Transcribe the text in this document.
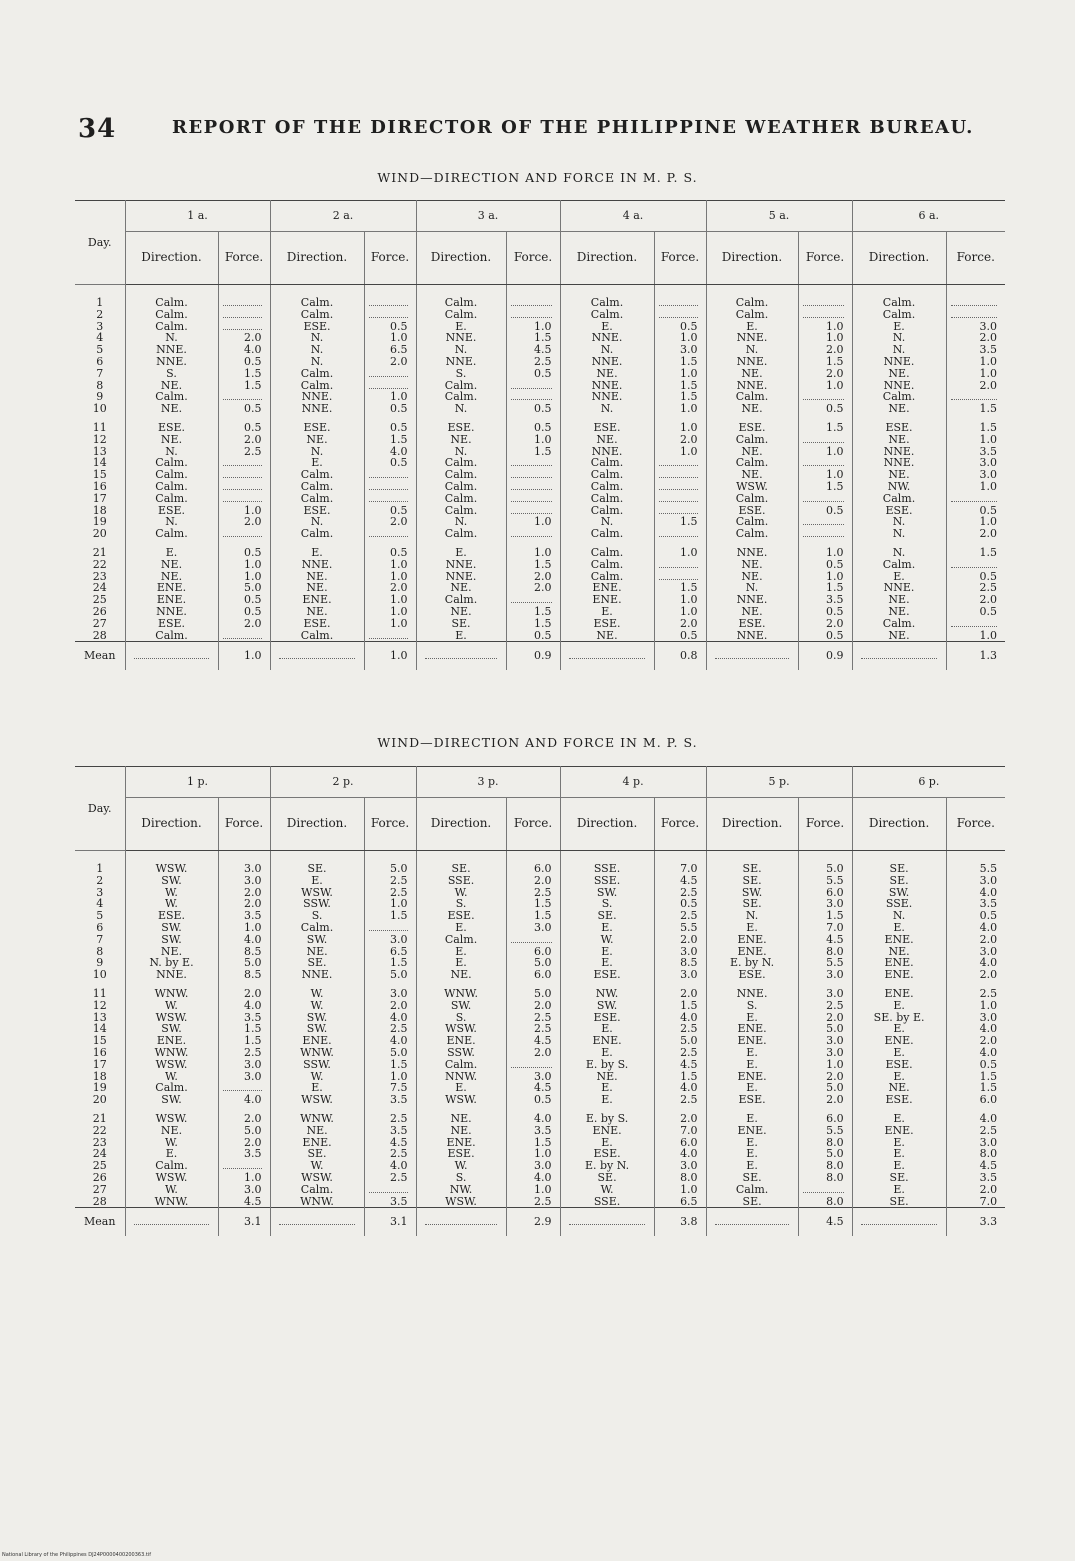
34	REPORT OF THE DIRECTOR OF THE PHILIPPINE WEATHER BUREAU.
WIND—DIRECTION AND FORCE IN M. P. S.
Day.	1 a.		2 a.		3 a.		4 a.		5 a.		6 a.	
	Direction.	Force.	Direction.	Force.	Direction.	Force.	Direction.	Force.	Direction.	Force.	Direction.	Force.
1	Calm.		Calm.		Calm.		Calm.		Calm.		Calm.	
2	Calm.		Calm.		Calm.		Calm.		Calm.		Calm.	
3	Calm.		ESE.	0.5	E.	1.0	E.	0.5	E.	1.0	E.	3.0
4	N.	2.0	N.	1.0	NNE.	1.5	NNE.	1.0	NNE.	1.0	N.	2.0
5	NNE.	4.0	N.	6.5	N.	4.5	N.	3.0	N.	2.0	N.	3.5
6	NNE.	0.5	N.	2.0	NNE.	2.5	NNE.	1.5	NNE.	1.5	NNE.	1.0
7	S.	1.5	Calm.		S.	0.5	NE.	1.0	NE.	2.0	NE.	1.0
8	NE.	1.5	Calm.		Calm.		NNE.	1.5	NNE.	1.0	NNE.	2.0
9	Calm.		NNE.	1.0	Calm.		NNE.	1.5	Calm.		Calm.	
10	NE.	0.5	NNE.	0.5	N.	0.5	N.	1.0	NE.	0.5	NE.	1.5

11	ESE.	0.5	ESE.	0.5	ESE.	0.5	ESE.	1.0	ESE.	1.5	ESE.	1.5
12	NE.	2.0	NE.	1.5	NE.	1.0	NE.	2.0	Calm.		NE.	1.0
13	N.	2.5	N.	4.0	N.	1.5	NNE.	1.0	NE.	1.0	NNE.	3.5
14	Calm.		E.	0.5	Calm.		Calm.		Calm.		NNE.	3.0
15	Calm.		Calm.		Calm.		Calm.		NE.	1.0	NE.	3.0
16	Calm.		Calm.		Calm.		Calm.		WSW.	1.5	NW.	1.0
17	Calm.		Calm.		Calm.		Calm.		Calm.		Calm.	
18	ESE.	1.0	ESE.	0.5	Calm.		Calm.		ESE.	0.5	ESE.	0.5
19	N.	2.0	N.	2.0	N.	1.0	N.	1.5	Calm.		N.	1.0
20	Calm.		Calm.		Calm.		Calm.		Calm.		N.	2.0

21	E.	0.5	E.	0.5	E.	1.0	Calm.	1.0	NNE.	1.0	N.	1.5
22	NE.	1.0	NNE.	1.0	NNE.	1.5	Calm.		NE.	0.5	Calm.	
23	NE.	1.0	NE.	1.0	NNE.	2.0	Calm.		NE.	1.0	E.	0.5
24	ENE.	5.0	NE.	2.0	NE.	2.0	ENE.	1.5	N.	1.5	NNE.	2.5
25	ENE.	0.5	ENE.	1.0	Calm.		ENE.	1.0	NNE.	3.5	NE.	2.0
26	NNE.	0.5	NE.	1.0	NE.	1.5	E.	1.0	NE.	0.5	NE.	0.5
27	ESE.	2.0	ESE.	1.0	SE.	1.5	ESE.	2.0	ESE.	2.0	Calm.	
28	Calm.		Calm.		E.	0.5	NE.	0.5	NNE.	0.5	NE.	1.0
Mean		1.0		1.0		0.9		0.8		0.9		1.3
WIND—DIRECTION AND FORCE IN M. P. S.
Day.	1 p.		2 p.		3 p.		4 p.		5 p.		6 p.	
	Direction.	Force.	Direction.	Force.	Direction.	Force.	Direction.	Force.	Direction.	Force.	Direction.	Force.
1	WSW.	3.0	SE.	5.0	SE.	6.0	SSE.	7.0	SE.	5.0	SE.	5.5
2	SW.	3.0	E.	2.5	SSE.	2.0	SSE.	4.5	SE.	5.5	SE.	3.0
3	W.	2.0	WSW.	2.5	W.	2.5	SW.	2.5	SW.	6.0	SW.	4.0
4	W.	2.0	SSW.	1.0	S.	1.5	S.	0.5	SE.	3.0	SSE.	3.5
5	ESE.	3.5	S.	1.5	ESE.	1.5	SE.	2.5	N.	1.5	N.	0.5
6	SW.	1.0	Calm.		E.	3.0	E.	5.5	E.	7.0	E.	4.0
7	SW.	4.0	SW.	3.0	Calm.		W.	2.0	ENE.	4.5	ENE.	2.0
8	NE.	8.5	NE.	6.5	E.	6.0	E.	3.0	ENE.	8.0	NE.	3.0
9	N. by E.	5.0	SE.	1.5	E.	5.0	E.	8.5	E. by N.	5.5	ENE.	4.0
10	NNE.	8.5	NNE.	5.0	NE.	6.0	ESE.	3.0	ESE.	3.0	ENE.	2.0

11	WNW.	2.0	W.	3.0	WNW.	5.0	NW.	2.0	NNE.	3.0	ENE.	2.5
12	W.	4.0	W.	2.0	SW.	2.0	SW.	1.5	S.	2.5	E.	1.0
13	WSW.	3.5	SW.	4.0	S.	2.5	ESE.	4.0	E.	2.0	SE. by E.	3.0
14	SW.	1.5	SW.	2.5	WSW.	2.5	E.	2.5	ENE.	5.0	E.	4.0
15	ENE.	1.5	ENE.	4.0	ENE.	4.5	ENE.	5.0	ENE.	3.0	ENE.	2.0
16	WNW.	2.5	WNW.	5.0	SSW.	2.0	E.	2.5	E.	3.0	E.	4.0
17	WSW.	3.0	SSW.	1.5	Calm.		E. by S.	4.5	E.	1.0	ESE.	0.5
18	W.	3.0	W.	1.0	NNW.	3.0	NE.	1.5	ENE.	2.0	E.	1.5
19	Calm.		E.	7.5	E.	4.5	E.	4.0	E.	5.0	NE.	1.5
20	SW.	4.0	WSW.	3.5	WSW.	0.5	E.	2.5	ESE.	2.0	ESE.	6.0

21	WSW.	2.0	WNW.	2.5	NE.	4.0	E. by S.	2.0	E.	6.0	E.	4.0
22	NE.	5.0	NE.	3.5	NE.	3.5	ENE.	7.0	ENE.	5.5	ENE.	2.5
23	W.	2.0	ENE.	4.5	ENE.	1.5	E.	6.0	E.	8.0	E.	3.0
24	E.	3.5	SE.	2.5	ESE.	1.0	ESE.	4.0	E.	5.0	E.	8.0
25	Calm.		W.	4.0	W.	3.0	E. by N.	3.0	E.	8.0	E.	4.5
26	WSW.	1.0	WSW.	2.5	S.	4.0	SE.	8.0	SE.	8.0	SE.	3.5
27	W.	3.0	Calm.		NW.	1.0	W.	1.0	Calm.		E.	2.0
28	WNW.	4.5	WNW.	3.5	WSW.	2.5	SSE.	6.5	SE.	8.0	SE.	7.0
Mean		3.1		3.1		2.9		3.8		4.5		3.3
National Library of the Philippines DJ24P0000400200363.tif
